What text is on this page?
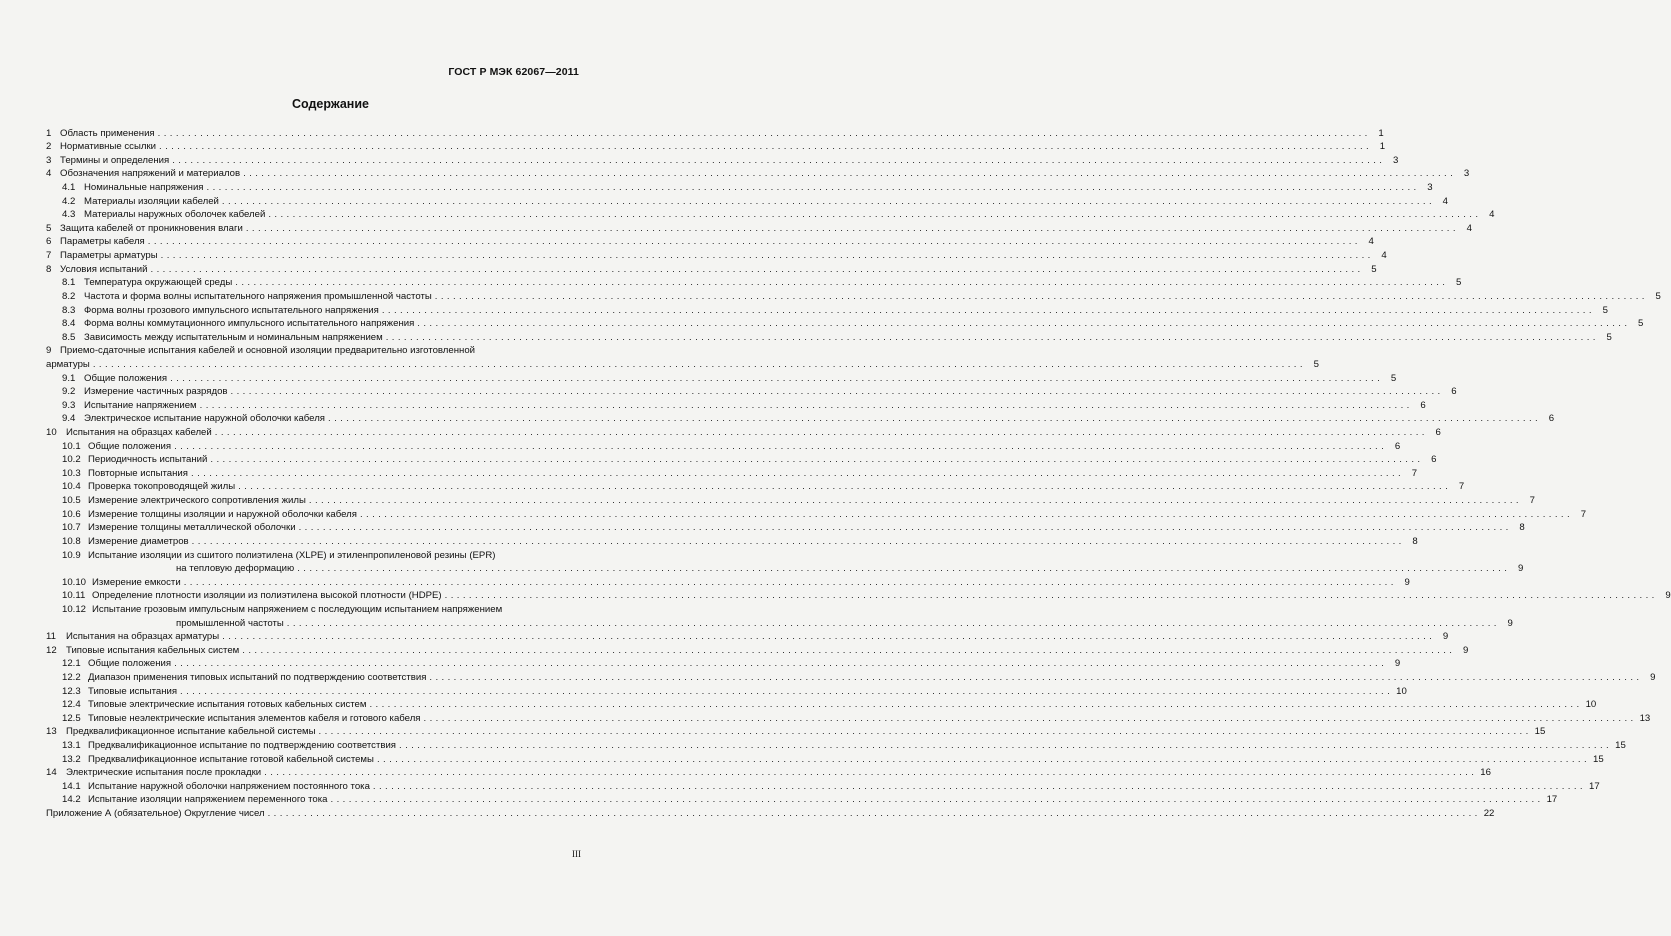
ГОСТ Р МЭК 62067—2011
Содержание
1 Область применения ........................................................................................................................................................................................................ 1
2 Нормативные ссылки ........................................................................................................................................................................................................ 1
3 Термины и определения ........................................................................................................................................................................................................ 3
4 Обозначения напряжений и материалов ........................................................................................................................................................................................................ 3
4.1 Номинальные напряжения ........................................................................................................................................................................................................ 3
4.2 Материалы изоляции кабелей ........................................................................................................................................................................................................ 4
4.3 Материалы наружных оболочек кабелей ........................................................................................................................................................................................................ 4
5 Защита кабелей от проникновения влаги ........................................................................................................................................................................................................ 4
6 Параметры кабеля ........................................................................................................................................................................................................ 4
7 Параметры арматуры ........................................................................................................................................................................................................ 4
8 Условия испытаний ........................................................................................................................................................................................................ 5
8.1 Температура окружающей среды ........................................................................................................................................................................................................ 5
8.2 Частота и форма волны испытательного напряжения промышленной частоты ........................................................................................................................................................................................................ 5
8.3 Форма волны грозового импульсного испытательного напряжения ........................................................................................................................................................................................................ 5
8.4 Форма волны коммутационного импульсного испытательного напряжения ........................................................................................................................................................................................................ 5
8.5 Зависимость между испытательным и номинальным напряжением ........................................................................................................................................................................................................ 5
9 Приемо-сдаточные испытания кабелей и основной изоляции предварительно изготовленной
арматуры ........................................................................................................................................................................................................ 5
9.1 Общие положения ........................................................................................................................................................................................................ 5
9.2 Измерение частичных разрядов ........................................................................................................................................................................................................ 6
9.3 Испытание напряжением ........................................................................................................................................................................................................ 6
9.4 Электрическое испытание наружной оболочки кабеля ........................................................................................................................................................................................................ 6
10 Испытания на образцах кабелей ........................................................................................................................................................................................................ 6
10.1 Общие положения ........................................................................................................................................................................................................ 6
10.2 Периодичность испытаний ........................................................................................................................................................................................................ 6
10.3 Повторные испытания ........................................................................................................................................................................................................ 7
10.4 Проверка токопроводящей жилы ........................................................................................................................................................................................................ 7
10.5 Измерение электрического сопротивления жилы ........................................................................................................................................................................................................ 7
10.6 Измерение толщины изоляции и наружной оболочки кабеля ........................................................................................................................................................................................................ 7
10.7 Измерение толщины металлической оболочки ........................................................................................................................................................................................................ 8
10.8 Измерение диаметров ........................................................................................................................................................................................................ 8
10.9 Испытание изоляции из сшитого полиэтилена (XLPE) и этиленпропиленовой резины (EPR)
на тепловую деформацию ........................................................................................................................................................................................................ 9
10.10 Измерение емкости ........................................................................................................................................................................................................ 9
10.11 Определение плотности изоляции из полиэтилена высокой плотности (HDPE) ........................................................................................................................................................................................................ 9
10.12 Испытание грозовым импульсным напряжением с последующим испытанием напряжением
промышленной частоты ........................................................................................................................................................................................................ 9
11	Испытания на образцах арматуры ........................................................................................................................................................................................................ 9
12 Типовые испытания кабельных систем ........................................................................................................................................................................................................ 9
12.1 Общие положения ........................................................................................................................................................................................................ 9
12.2 Диапазон применения типовых испытаний по подтверждению соответствия ........................................................................................................................................................................................................ 9
12.3 Типовые испытания ........................................................................................................................................................................................................ 10
12.4 Типовые электрические испытания готовых кабельных систем ........................................................................................................................................................................................................ 10
12.5 Типовые неэлектрические испытания элементов кабеля и готового кабеля ........................................................................................................................................................................................................ 13
13 Предквалификационное испытание кабельной системы ........................................................................................................................................................................................................ 15
13.1 Предквалификационное испытание по подтверждению соответствия ........................................................................................................................................................................................................ 15
13.2 Предквалификационное испытание готовой кабельной системы ........................................................................................................................................................................................................ 15
14 Электрические испытания после прокладки ........................................................................................................................................................................................................ 16
14.1 Испытание наружной оболочки напряжением постоянного тока ........................................................................................................................................................................................................ 17
14.2 Испытание изоляции напряжением переменного тока ........................................................................................................................................................................................................ 17
Приложение А (обязательное) Округление чисел ........................................................................................................................................................................................................ 22
III
